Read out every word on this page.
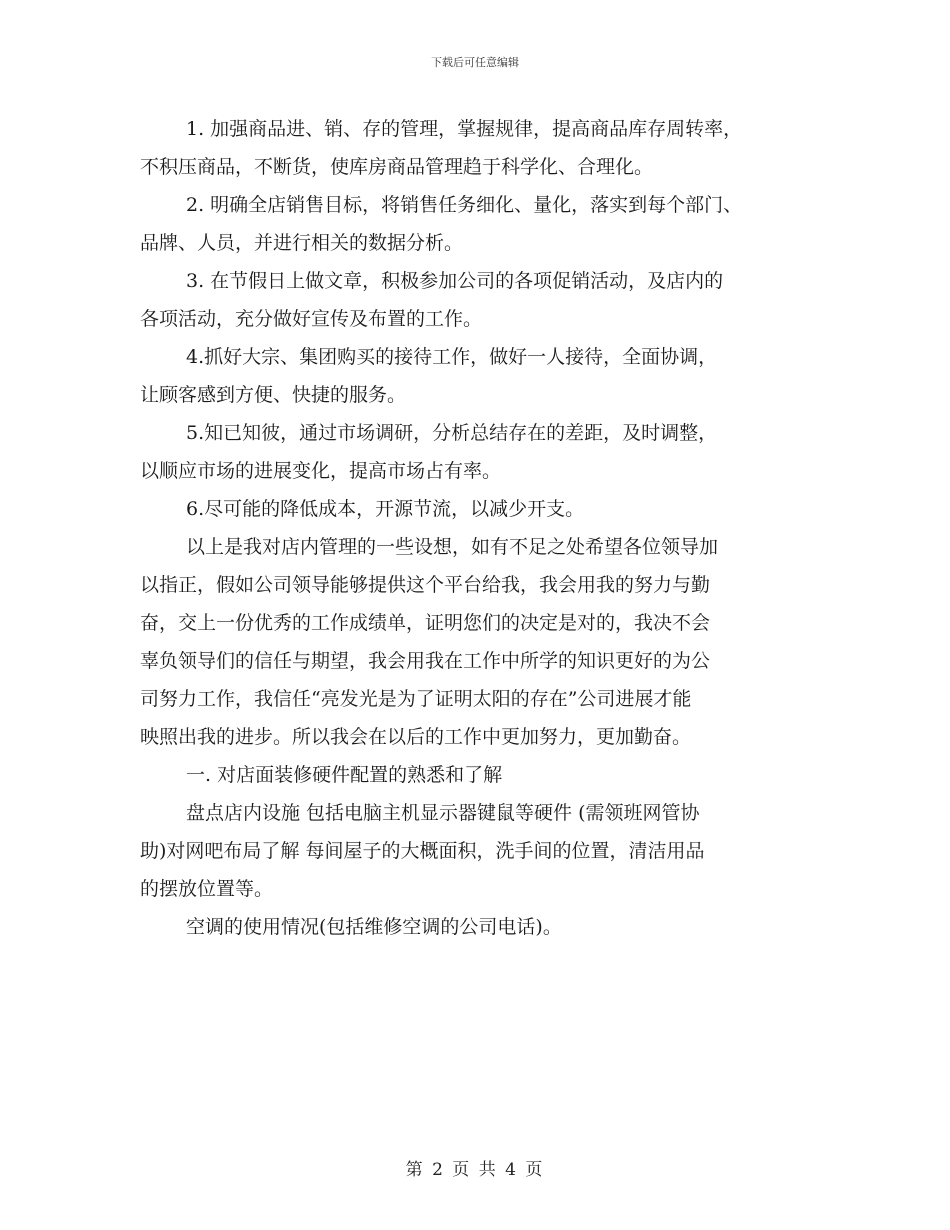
下载后可任意编辑

1. 加强商品进、销、存的管理，掌握规律，提高商品库存周转率，
不积压商品，不断货，使库房商品管理趋于科学化、合理化。

2. 明确全店销售目标，将销售任务细化、量化，落实到每个部门、
品牌、人员，并进行相关的数据分析。

3. 在节假日上做文章，积极参加公司的各项促销活动，及店内的
各项活动，充分做好宣传及布置的工作。

4.抓好大宗、集团购买的接待工作，做好一人接待，全面协调，
让顾客感到方便、快捷的服务。

5.知已知彼，通过市场调研，分析总结存在的差距，及时调整，
以顺应市场的进展变化，提高市场占有率。

6.尽可能的降低成本，开源节流，以减少开支。

以上是我对店内管理的一些设想，如有不足之处希望各位领导加
以指正，假如公司领导能够提供这个平台给我，我会用我的努力与勤
奋，交上一份优秀的工作成绩单，证明您们的决定是对的，我决不会
辜负领导们的信任与期望，我会用我在工作中所学的知识更好的为公
司努力工作，我信任“亮发光是为了证明太阳的存在”公司进展才能
映照出我的进步。所以我会在以后的工作中更加努力，更加勤奋。

一. 对店面装修硬件配置的熟悉和了解

盘点店内设施 包括电脑主机显示器键鼠等硬件 (需领班网管协
助)对网吧布局了解 每间屋子的大概面积，洗手间的位置，清洁用品
的摆放位置等。

空调的使用情况(包括维修空调的公司电话)。

第 2 页 共 4 页
